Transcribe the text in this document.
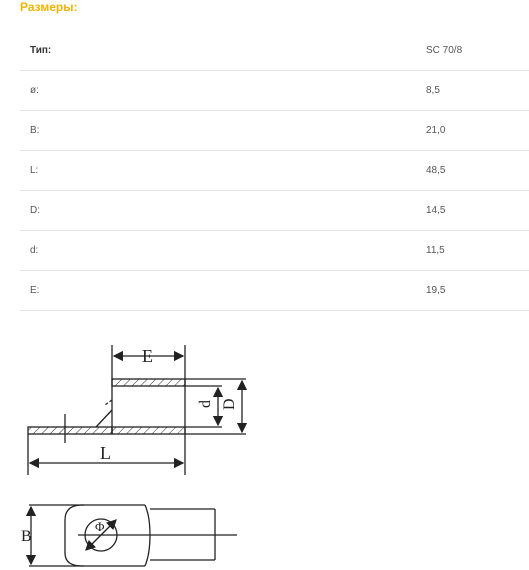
Размеры:
Тип:	SC 70/8
ø:	8,5
B:	21,0
L:	48,5
D:	14,5
d:	11,5
E:	19,5
E
d D
L
Φ
B
